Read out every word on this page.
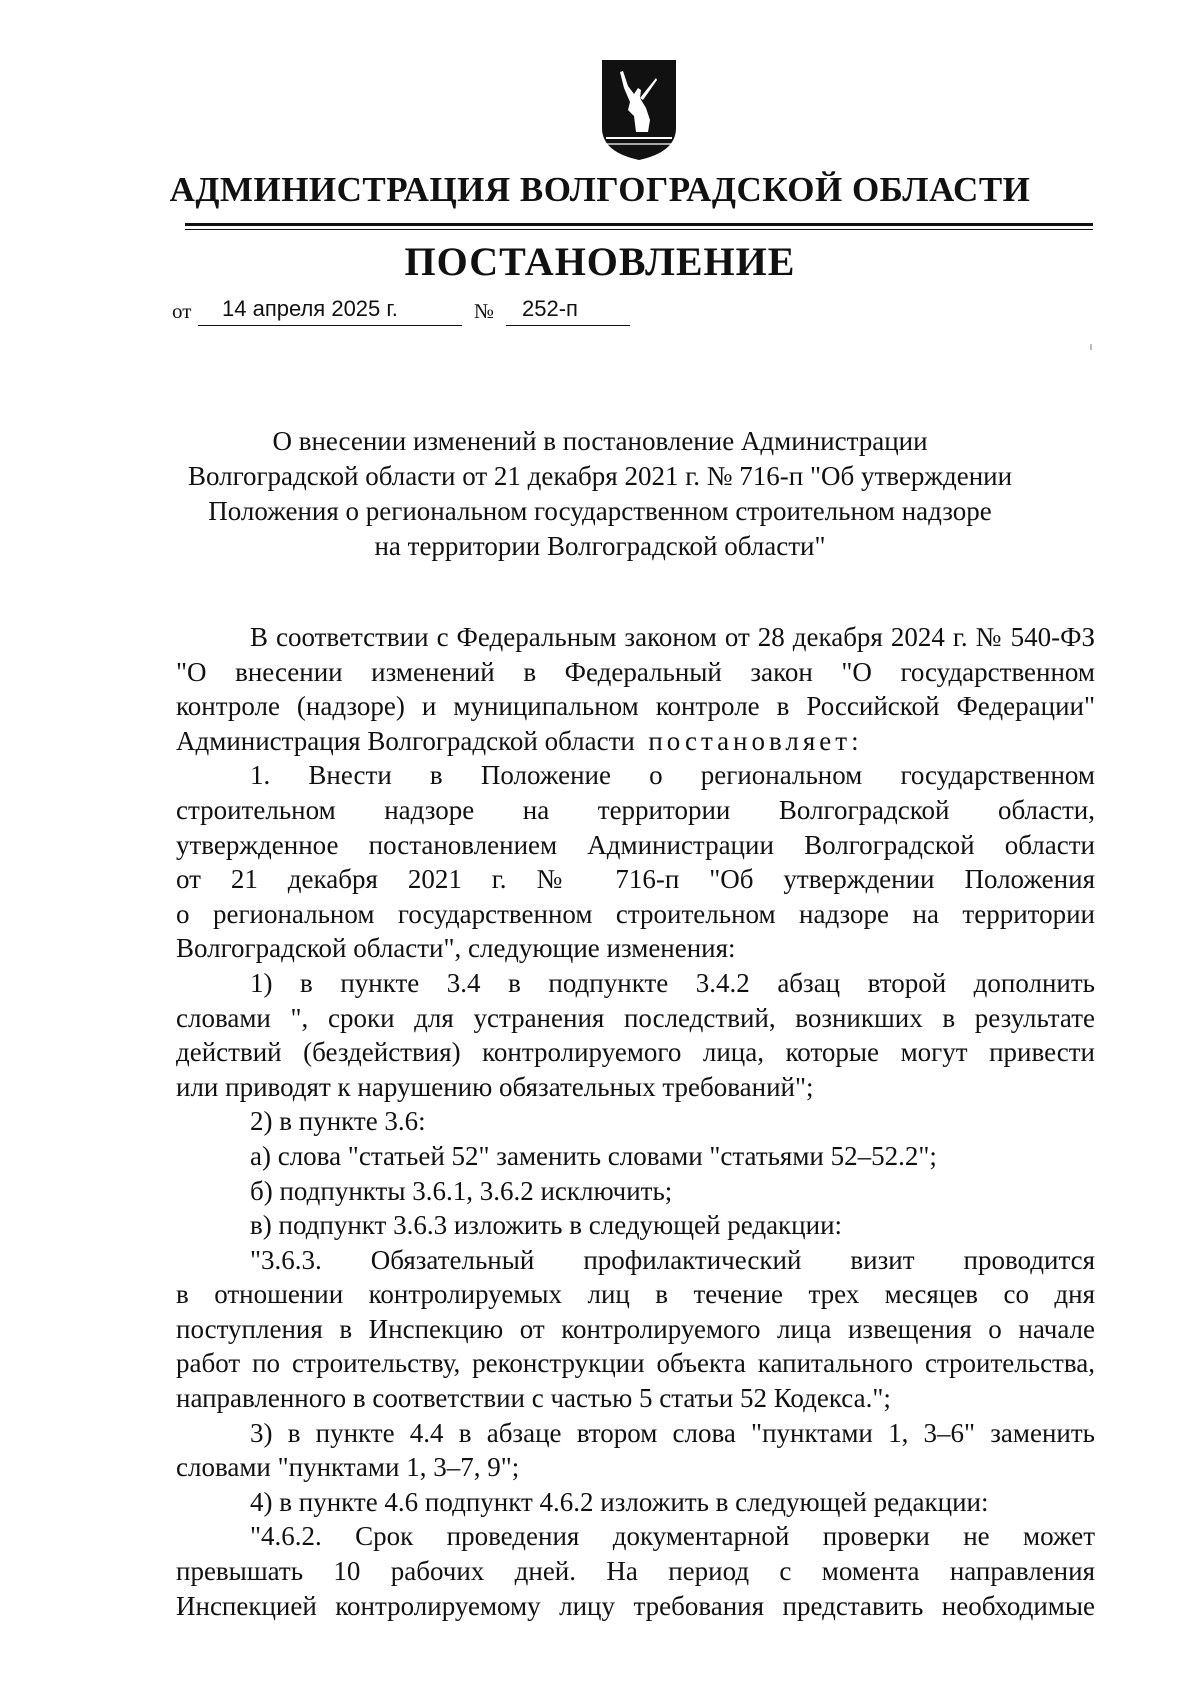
АДМИНИСТРАЦИЯ ВОЛГОГРАДСКОЙ ОБЛАСТИ
ПОСТАНОВЛЕНИЕ
от 14 апреля 2025 г.	№ 252-п
О внесении изменений в постановление Администрации
Волгоградской области от 21 декабря 2021 г. № 716-п "Об утверждении
Положения о региональном государственном строительном надзоре
на территории Волгоградской области"
В соответствии с Федеральным законом от 28 декабря 2024 г. № 540-ФЗ
"О внесении изменений в Федеральный закон "О государственном
контроле (надзоре) и муниципальном контроле в Российской Федерации"
Администрация Волгоградской области постановляет:
1. Внести в Положение о региональном государственном
строительном надзоре на территории Волгоградской области,
утвержденное постановлением Администрации Волгоградской области
от 21 декабря 2021 г. № 716-п "Об утверждении Положения
о региональном государственном строительном надзоре на территории
Волгоградской области", следующие изменения:
1) в пункте 3.4 в подпункте 3.4.2 абзац второй дополнить
словами ", сроки для устранения последствий, возникших в результате
действий (бездействия) контролируемого лица, которые могут привести
или приводят к нарушению обязательных требований";
2) в пункте 3.6:
а) слова "статьей 52" заменить словами "статьями 52–52.2";
б) подпункты 3.6.1, 3.6.2 исключить;
в) подпункт 3.6.3 изложить в следующей редакции:
"3.6.3. Обязательный профилактический визит проводится
в отношении контролируемых лиц в течение трех месяцев со дня
поступления в Инспекцию от контролируемого лица извещения о начале
работ по строительству, реконструкции объекта капитального строительства,
направленного в соответствии с частью 5 статьи 52 Кодекса.";
3) в пункте 4.4 в абзаце втором слова "пунктами 1, 3–6" заменить
словами "пунктами 1, 3–7, 9";
4) в пункте 4.6 подпункт 4.6.2 изложить в следующей редакции:
"4.6.2. Срок проведения документарной проверки не может
превышать 10 рабочих дней. На период с момента направления
Инспекцией контролируемому лицу требования представить необходимые
